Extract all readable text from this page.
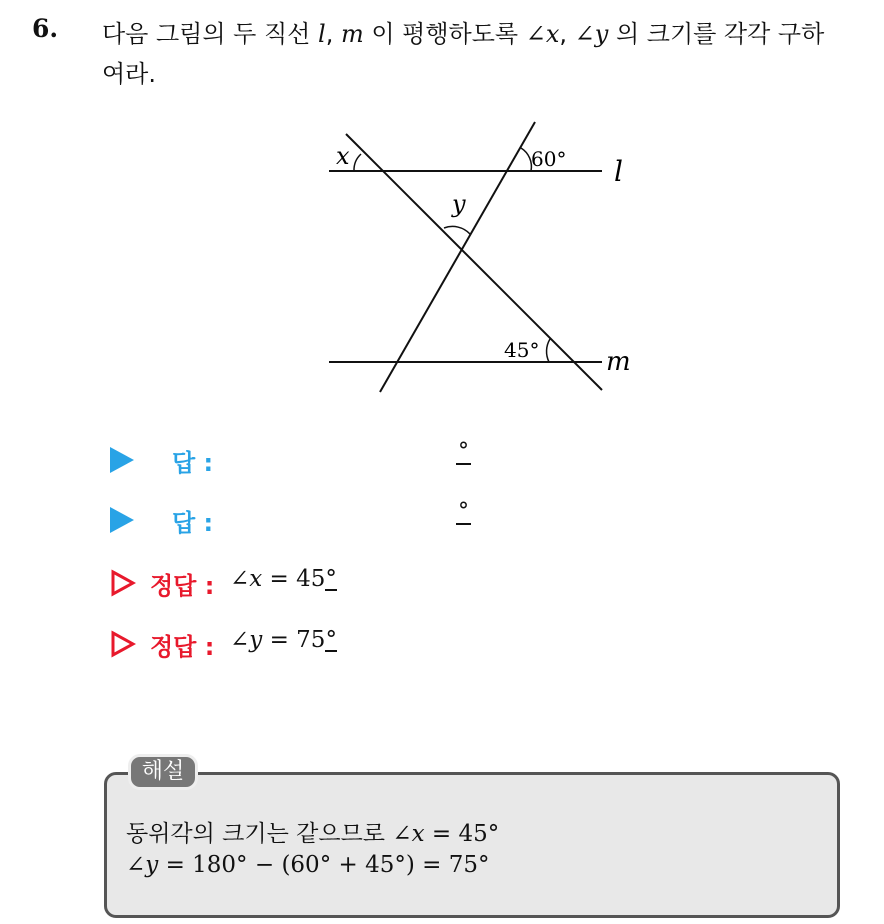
6. 다음 그림의 두 직선 l, m 이 평행하도록 ∠x, ∠y 의 크기를 각각 구하
여라.
x	60° l
y
45°	m
답 :	°
답 :	°
정답 : ∠x = 45°
정답 : ∠y = 75°
해설
동위각의 크기는 같으므로 ∠x = 45°
∠y = 180° − (60° + 45°) = 75°
